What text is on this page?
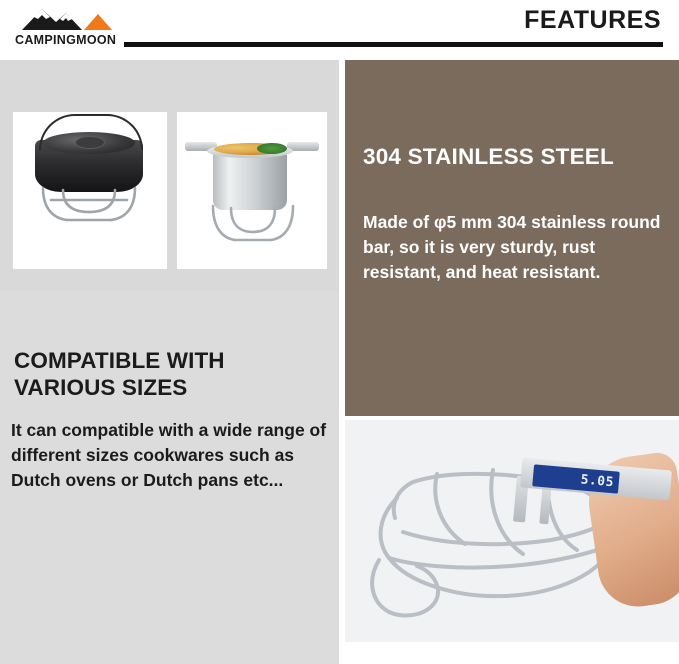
CAMPINGMOON
FEATURES
304 STAINLESS STEEL
Made of φ5 mm 304 stainless round bar, so it is very sturdy, rust resistant, and heat resistant.
COMPATIBLE WITH VARIOUS SIZES
It can compatible with a wide range of different sizes cookwares such as Dutch ovens or Dutch pans etc...	5.05
